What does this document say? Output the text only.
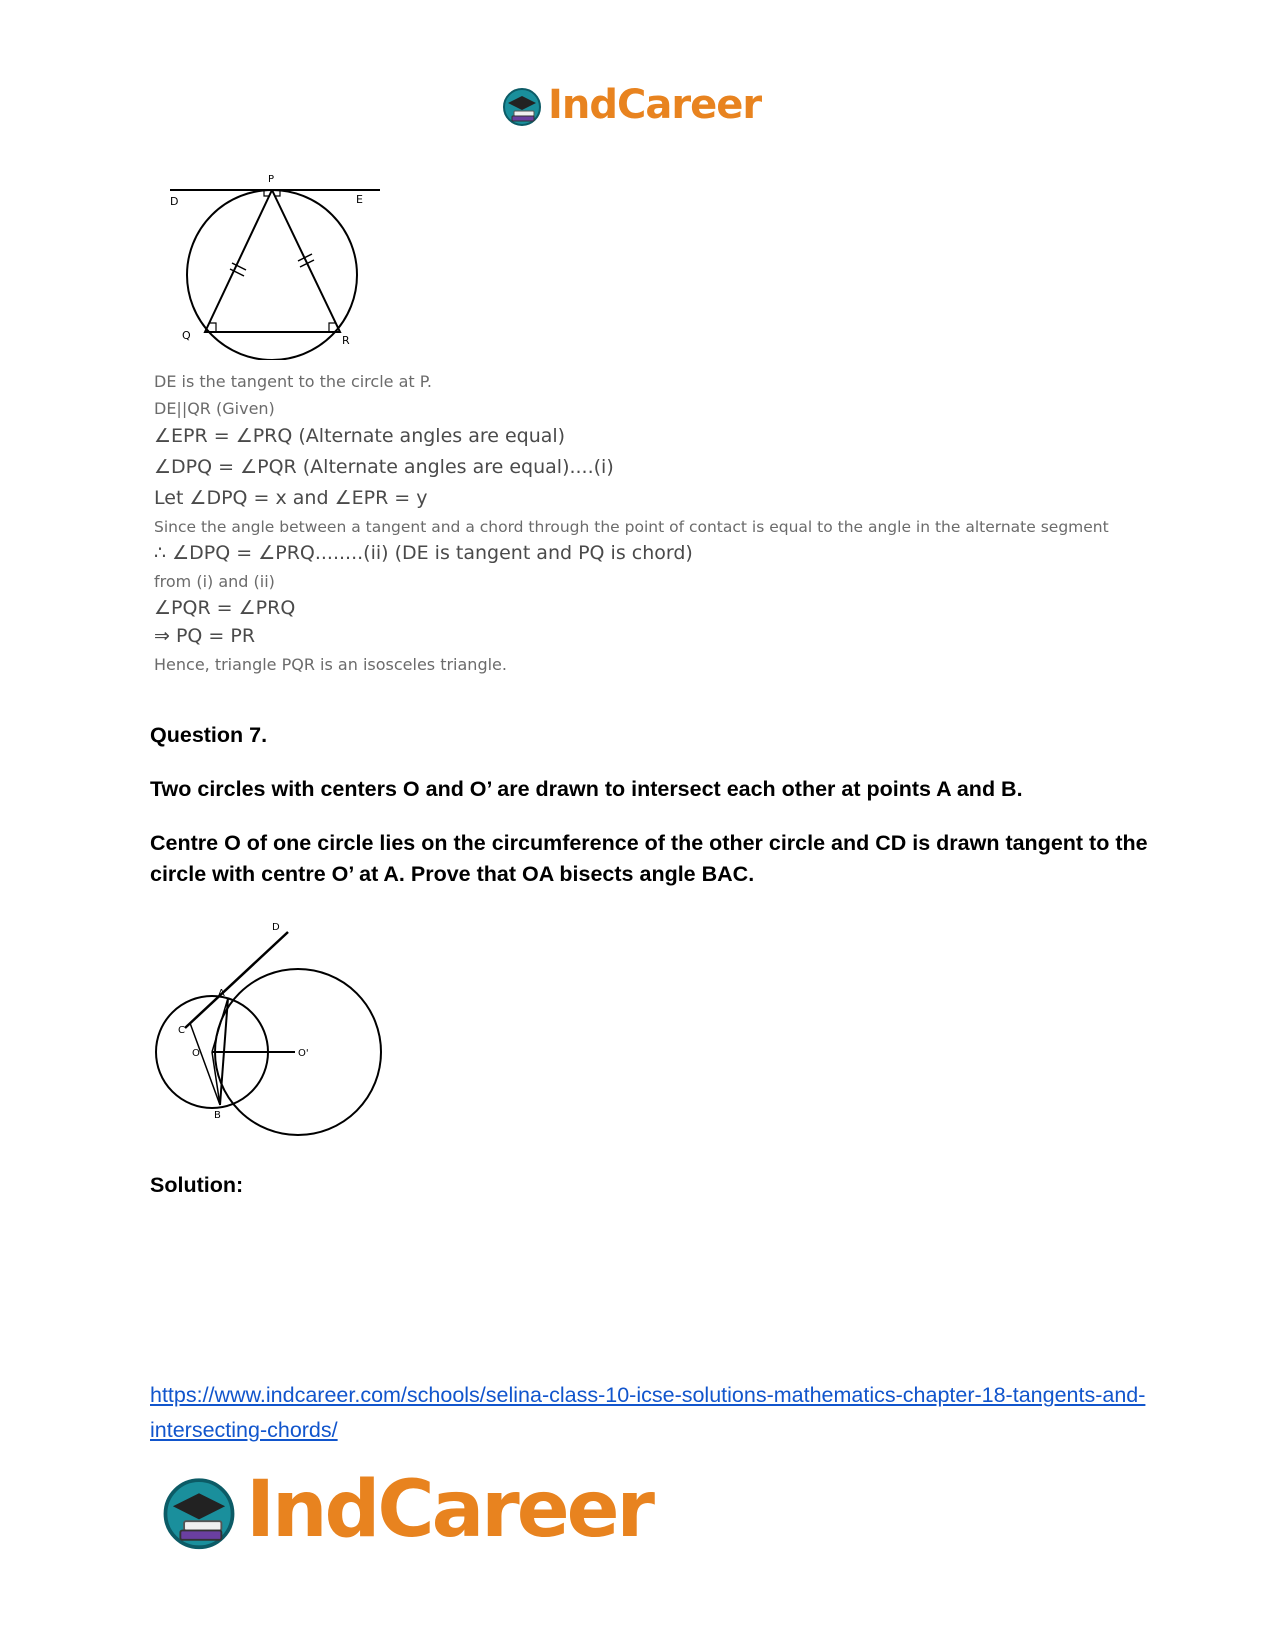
IndCareer
P
D	E
Q	R
DE is the tangent to the circle at P.
DE||QR (Given)
∠EPR = ∠PRQ (Alternate angles are equal)
∠DPQ = ∠PQR (Alternate angles are equal)....(i)
Let ∠DPQ = x and ∠EPR = y
Since the angle between a tangent and a chord through the point of contact is equal to the angle in the alternate segment
∴ ∠DPQ = ∠PRQ........(ii) (DE is tangent and PQ is chord)
from (i) and (ii)
∠PQR = ∠PRQ
⇒ PQ = PR
Hence, triangle PQR is an isosceles triangle.
Question 7.
Two circles with centers O and O’ are drawn to intersect each other at points A and B.
Centre O of one circle lies on the circumference of the other circle and CD is drawn tangent to the circle with centre O’ at A. Prove that OA bisects angle BAC.
D
A
C
O	O'
B
Solution:
https://www.indcareer.com/schools/selina-class-10-icse-solutions-mathematics-chapter-18-tangents-and-intersecting-chords/
IndCareer
